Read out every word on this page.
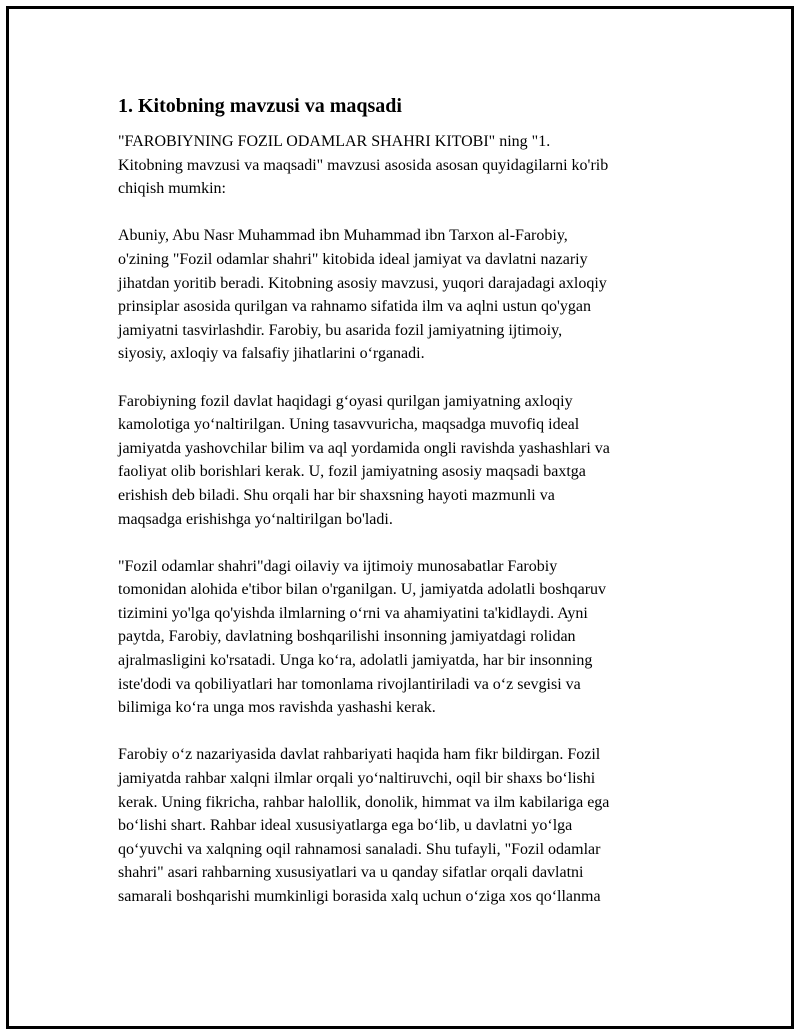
1. Kitobning mavzusi va maqsadi

"FAROBIYNING FOZIL ODAMLAR SHAHRI KITOBI" ning "1.
Kitobning mavzusi va maqsadi" mavzusi asosida asosan quyidagilarni ko'rib
chiqish mumkin:

Abuniy, Abu Nasr Muhammad ibn Muhammad ibn Tarxon al-Farobiy,
o'zining "Fozil odamlar shahri" kitobida ideal jamiyat va davlatni nazariy
jihatdan yoritib beradi. Kitobning asosiy mavzusi, yuqori darajadagi axloqiy
prinsiplar asosida qurilgan va rahnamo sifatida ilm va aqlni ustun qo'ygan
jamiyatni tasvirlashdir. Farobiy, bu asarida fozil jamiyatning ijtimoiy,
siyosiy, axloqiy va falsafiy jihatlarini o‘rganadi.

Farobiyning fozil davlat haqidagi g‘oyasi qurilgan jamiyatning axloqiy
kamolotiga yo‘naltirilgan. Uning tasavvuricha, maqsadga muvofiq ideal
jamiyatda yashovchilar bilim va aql yordamida ongli ravishda yashashlari va
faoliyat olib borishlari kerak. U, fozil jamiyatning asosiy maqsadi baxtga
erishish deb biladi. Shu orqali har bir shaxsning hayoti mazmunli va
maqsadga erishishga yo‘naltirilgan bo'ladi.

"Fozil odamlar shahri"dagi oilaviy va ijtimoiy munosabatlar Farobiy
tomonidan alohida e'tibor bilan o'rganilgan. U, jamiyatda adolatli boshqaruv
tizimini yo'lga qo'yishda ilmlarning o‘rni va ahamiyatini ta'kidlaydi. Ayni
paytda, Farobiy, davlatning boshqarilishi insonning jamiyatdagi rolidan
ajralmasligini ko'rsatadi. Unga ko‘ra, adolatli jamiyatda, har bir insonning
iste'dodi va qobiliyatlari har tomonlama rivojlantiriladi va o‘z sevgisi va
bilimiga ko‘ra unga mos ravishda yashashi kerak.

Farobiy o‘z nazariyasida davlat rahbariyati haqida ham fikr bildirgan. Fozil
jamiyatda rahbar xalqni ilmlar orqali yo‘naltiruvchi, oqil bir shaxs bo‘lishi
kerak. Uning fikricha, rahbar halollik, donolik, himmat va ilm kabilariga ega
bo‘lishi shart. Rahbar ideal xususiyatlarga ega bo‘lib, u davlatni yo‘lga
qo‘yuvchi va xalqning oqil rahnamosi sanaladi. Shu tufayli, "Fozil odamlar
shahri" asari rahbarning xususiyatlari va u qanday sifatlar orqali davlatni
samarali boshqarishi mumkinligi borasida xalq uchun o‘ziga xos qo‘llanma
